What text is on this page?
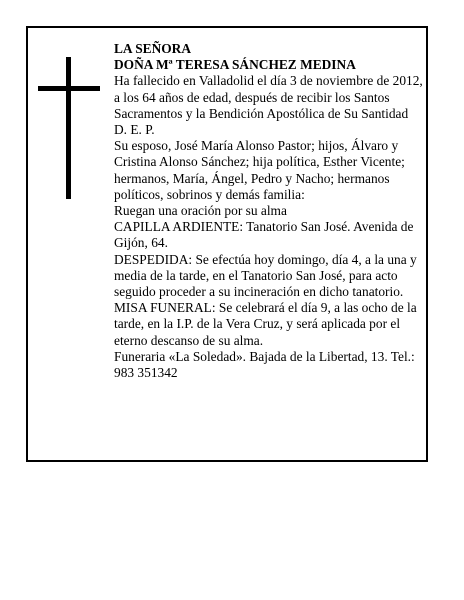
LA SEÑORA

DOÑA Mª TERESA SÁNCHEZ MEDINA

Ha fallecido en Valladolid el día 3 de noviembre de 2012, a los 64 años de edad, después de recibir los Santos Sacramentos y la Bendición Apostólica de Su Santidad

D. E. P.

Su esposo, José María Alonso Pastor; hijos, Álvaro y Cristina Alonso Sánchez; hija política, Esther Vicente; hermanos, María, Ángel, Pedro y Nacho; hermanos políticos, sobrinos y demás familia:

Ruegan una oración por su alma

CAPILLA ARDIENTE: Tanatorio San José. Avenida de Gijón, 64.

DESPEDIDA: Se efectúa hoy domingo, día 4, a la una y media de la tarde, en el Tanatorio San José, para acto seguido proceder a su incineración en dicho tanatorio.

MISA FUNERAL: Se celebrará el día 9, a las ocho de la tarde, en la I.P. de la Vera Cruz, y será aplicada por el eterno descanso de su alma.

Funeraria «La Soledad». Bajada de la Libertad, 13. Tel.: 983 351342
